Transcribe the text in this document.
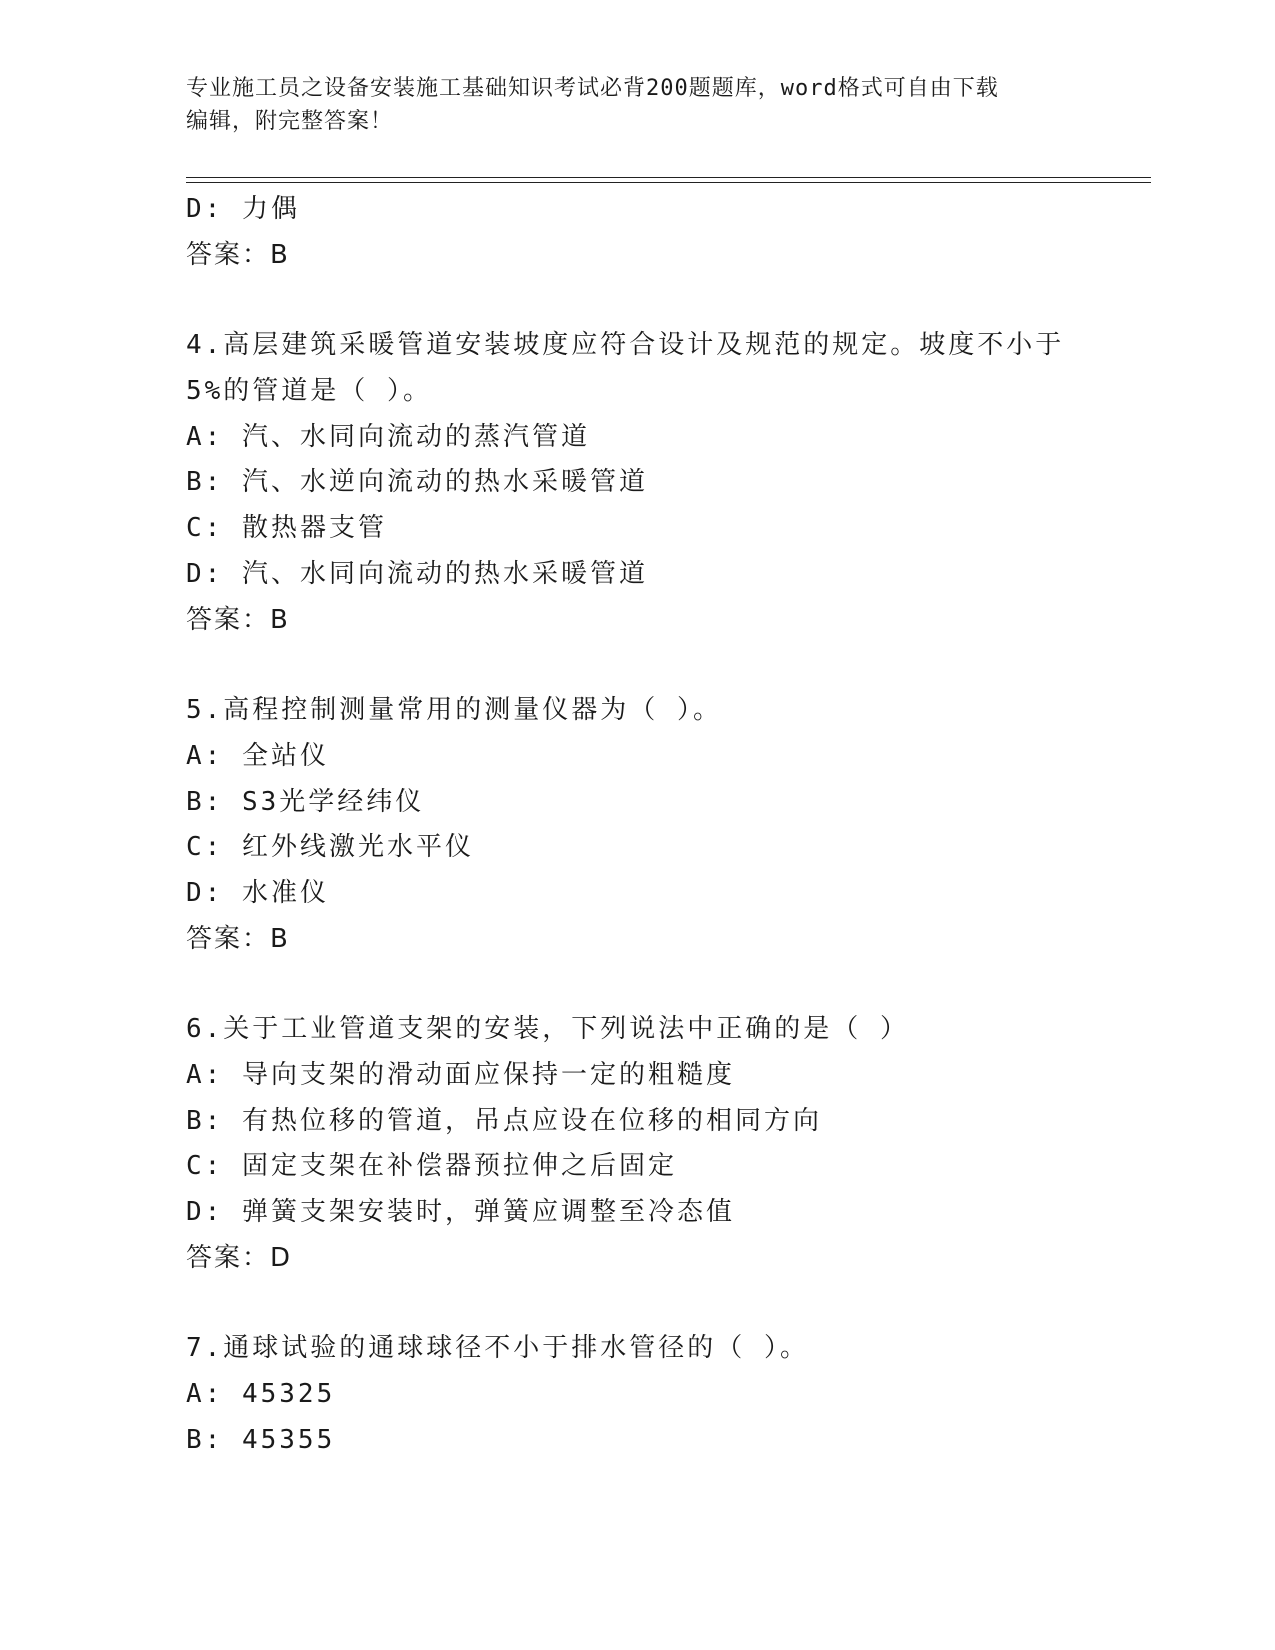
专业施工员之设备安装施工基础知识考试必背200题题库，word格式可自由下载
编辑，附完整答案！
D: 力偶
答案：B
4.高层建筑采暖管道安装坡度应符合设计及规范的规定。坡度不小于
5%的管道是（ ）。
A: 汽、水同向流动的蒸汽管道
B: 汽、水逆向流动的热水采暖管道
C: 散热器支管
D: 汽、水同向流动的热水采暖管道
答案：B
5.高程控制测量常用的测量仪器为（ ）。
A: 全站仪
B: S3光学经纬仪
C: 红外线激光水平仪
D: 水准仪
答案：B
6.关于工业管道支架的安装，下列说法中正确的是（ ）
A: 导向支架的滑动面应保持一定的粗糙度
B: 有热位移的管道，吊点应设在位移的相同方向
C: 固定支架在补偿器预拉伸之后固定
D: 弹簧支架安装时，弹簧应调整至冷态值
答案：D
7.通球试验的通球球径不小于排水管径的（ ）。
A: 45325
B: 45355
